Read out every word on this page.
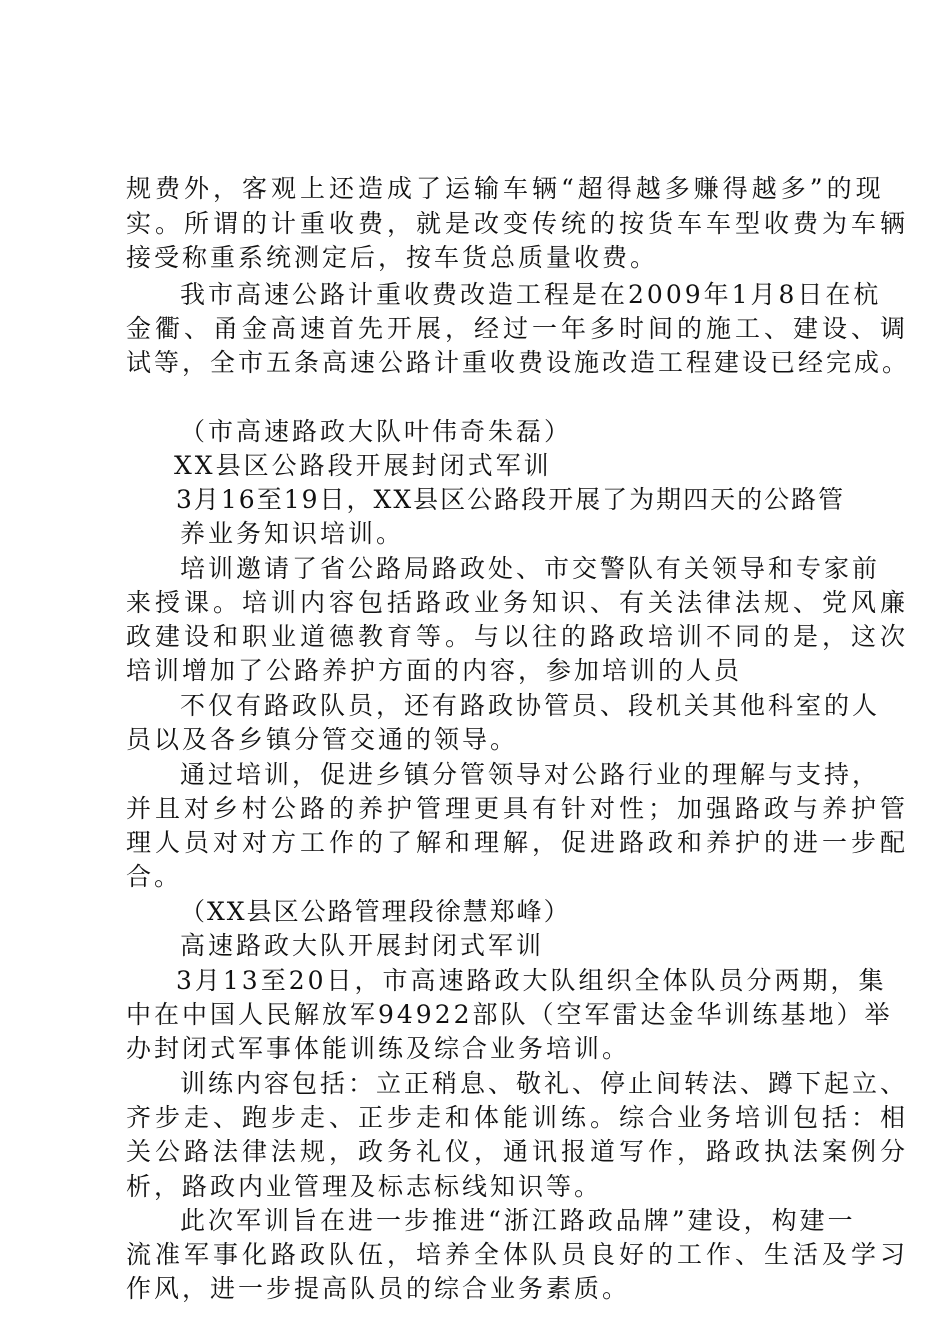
规费外，客观上还造成了运输车辆“超得越多赚得越多”的现
实。所谓的计重收费，就是改变传统的按货车车型收费为车辆
接受称重系统测定后，按车货总质量收费。
我市高速公路计重收费改造工程是在2009年1月8日在杭
金衢、甬金高速首先开展，经过一年多时间的施工、建设、调
试等，全市五条高速公路计重收费设施改造工程建设已经完成。
（市高速路政大队叶伟奇朱磊）
XX县区公路段开展封闭式军训
3月16至19日，XX县区公路段开展了为期四天的公路管
养业务知识培训。
培训邀请了省公路局路政处、市交警队有关领导和专家前
来授课。培训内容包括路政业务知识、有关法律法规、党风廉
政建设和职业道德教育等。与以往的路政培训不同的是，这次
培训增加了公路养护方面的内容，参加培训的人员
不仅有路政队员，还有路政协管员、段机关其他科室的人
员以及各乡镇分管交通的领导。
通过培训，促进乡镇分管领导对公路行业的理解与支持，
并且对乡村公路的养护管理更具有针对性；加强路政与养护管
理人员对对方工作的了解和理解，促进路政和养护的进一步配
合。
（XX县区公路管理段徐慧郑峰）
高速路政大队开展封闭式军训
3月13至20日，市高速路政大队组织全体队员分两期，集
中在中国人民解放军94922部队（空军雷达金华训练基地）举
办封闭式军事体能训练及综合业务培训。
训练内容包括：立正稍息、敬礼、停止间转法、蹲下起立、
齐步走、跑步走、正步走和体能训练。综合业务培训包括：相
关公路法律法规，政务礼仪，通讯报道写作，路政执法案例分
析，路政内业管理及标志标线知识等。
此次军训旨在进一步推进“浙江路政品牌”建设，构建一
流准军事化路政队伍，培养全体队员良好的工作、生活及学习
作风，进一步提高队员的综合业务素质。
